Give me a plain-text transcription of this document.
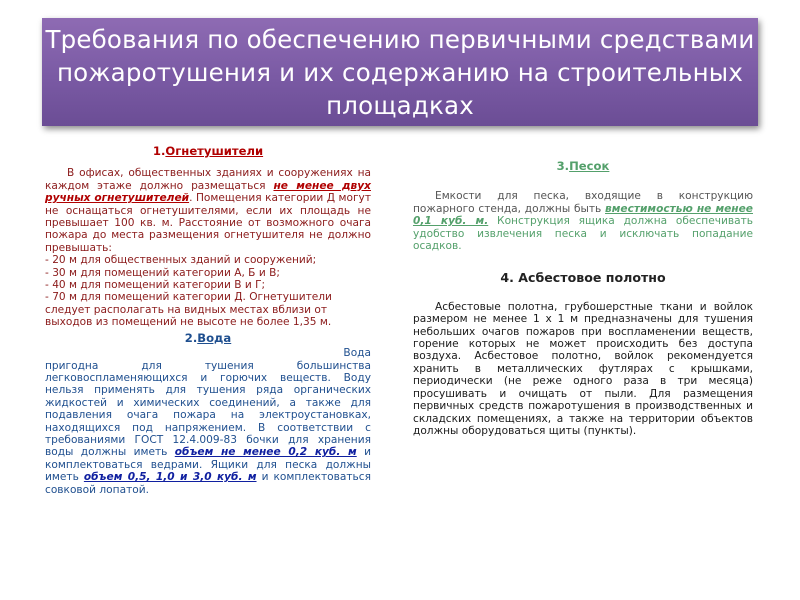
Требования по обеспечению первичными средствами пожаротушения и их содержанию на строительных площадках
1.Огнетушители

В офисах, общественных зданиях и сооружениях на каждом этаже должно размещаться не менее двух ручных огнетушителей. Помещения категории Д могут не оснащаться огнетушителями, если их площадь не превышает 100 кв. м. Расстояние от возможного очага пожара до места размещения огнетушителя не должно превышать:

- 20 м для общественных зданий и сооружений;

- 30 м для помещений категории А, Б и В;

- 40 м для помещений категории В и Г;

- 70 м для помещений категории Д. Огнетушители следует располагать на видных местах вблизи от выходов из помещений не высоте не более 1,35 м.

2.Вода

Вода

пригодна для тушения большинства легковоспламеняющихся и горючих веществ. Воду нельзя применять для тушения ряда органических жидкостей и химических соединений, а также для подавления очага пожара на электроустановках, находящихся под напряжением. В соответствии с требованиями ГОСТ 12.4.009-83 бочки для хранения воды должны иметь объем не менее 0,2 куб. м и комплектоваться ведрами. Ящики для песка должны иметь объем 0,5, 1,0 и 3,0 куб. м и комплектоваться совковой лопатой.

3.Песок

Емкости для песка, входящие в конструкцию пожарного стенда, должны быть вместимостью не менее 0,1 куб. м. Конструкция ящика должна обеспечивать удобство извлечения песка и исключать попадание осадков.

4. Асбестовое полотно

Асбестовые полотна, грубошерстные ткани и войлок размером не менее 1 х 1 м предназначены для тушения небольших очагов пожаров при воспламенении веществ, горение которых не может происходить без доступа воздуха. Асбестовое полотно, войлок рекомендуется хранить в металлических футлярах с крышками, периодически (не реже одного раза в три месяца) просушивать и очищать от пыли. Для размещения первичных средств пожаротушения в производственных и складских помещениях, а также на территории объектов должны оборудоваться щиты (пункты).
